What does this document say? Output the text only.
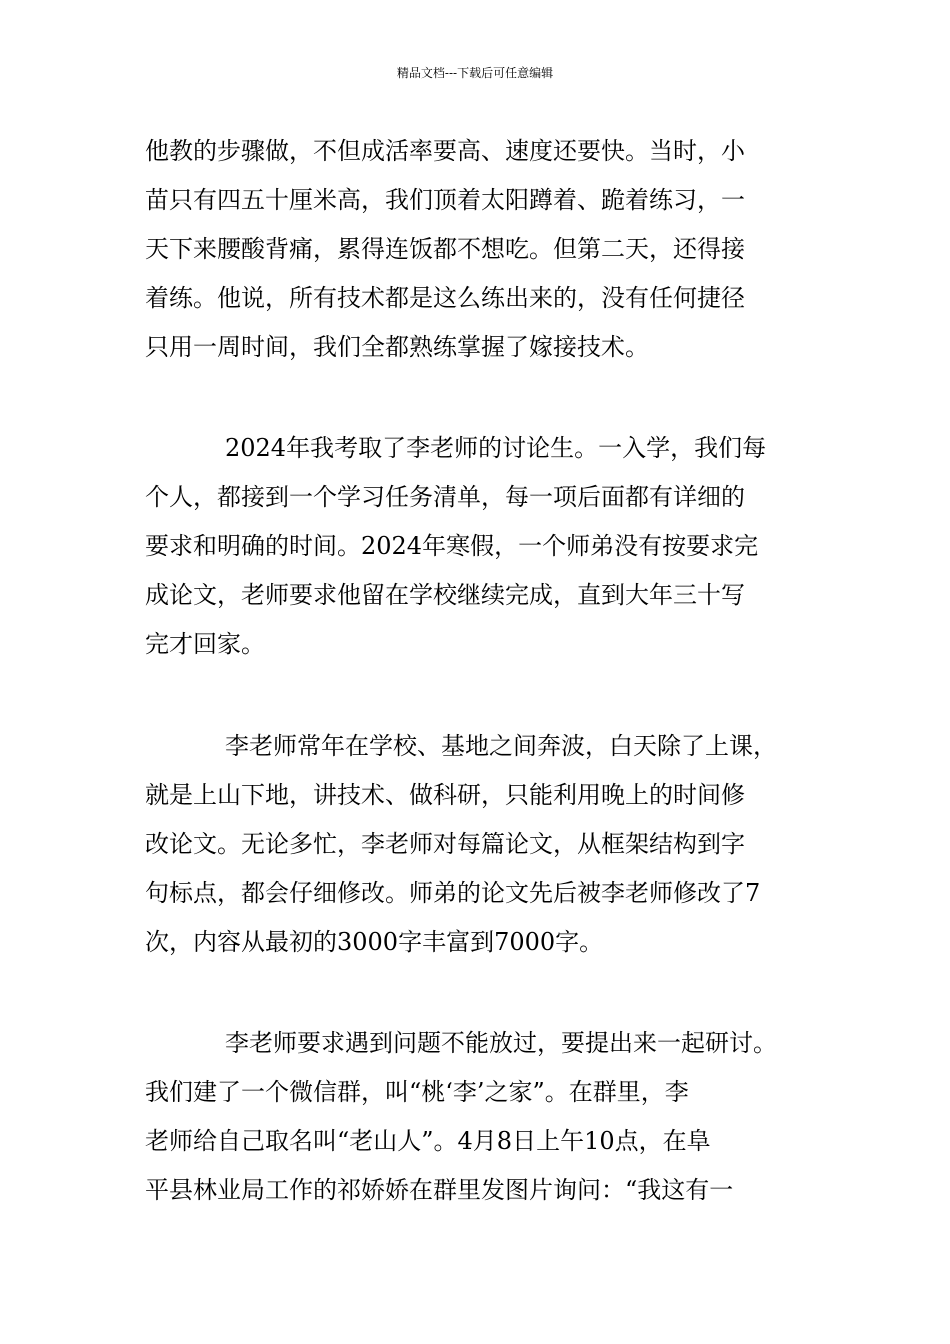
精品文档---下载后可任意编辑
他教的步骤做，不但成活率要高、速度还要快。当时，小
苗只有四五十厘米高，我们顶着太阳蹲着、跪着练习，一
天下来腰酸背痛，累得连饭都不想吃。但第二天，还得接
着练。他说，所有技术都是这么练出来的，没有任何捷径
只用一周时间，我们全都熟练掌握了嫁接技术。
2024年我考取了李老师的讨论生。一入学，我们每
个人，都接到一个学习任务清单，每一项后面都有详细的
要求和明确的时间。2024年寒假，一个师弟没有按要求完
成论文，老师要求他留在学校继续完成，直到大年三十写
完才回家。
李老师常年在学校、基地之间奔波，白天除了上课，
就是上山下地，讲技术、做科研，只能利用晚上的时间修
改论文。无论多忙，李老师对每篇论文，从框架结构到字
句标点，都会仔细修改。师弟的论文先后被李老师修改了7
次，内容从最初的3000字丰富到7000字。
李老师要求遇到问题不能放过，要提出来一起研讨。
我们建了一个微信群，叫“桃‘李’之家”。在群里，李
老师给自己取名叫“老山人”。4月8日上午10点，在阜
平县林业局工作的祁娇娇在群里发图片询问：“我这有一
